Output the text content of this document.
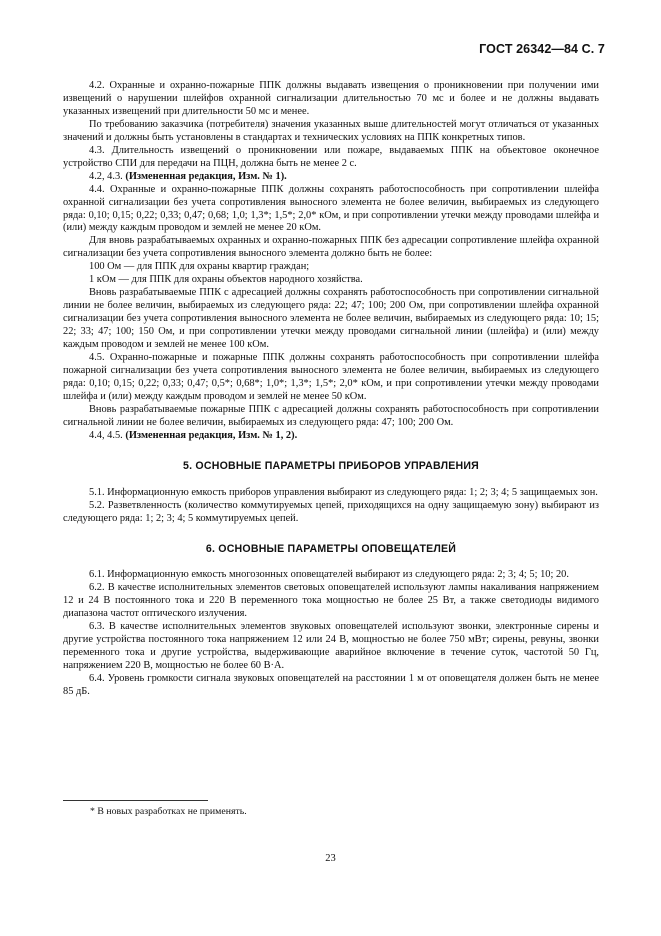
ГОСТ 26342—84 С. 7

4.2. Охранные и охранно-пожарные ППК должны выдавать извещения о проникновении при получении ими извещений о нарушении шлейфов охранной сигнализации длительностью 70 мс и более и не должны выдавать указанных извещений при длительности 50 мс и менее.

По требованию заказчика (потребителя) значения указанных выше длительностей могут отличаться от указанных значений и должны быть установлены в стандартах и технических условиях на ППК конкретных типов.

4.3. Длительность извещений о проникновении или пожаре, выдаваемых ППК на объектовое оконечное устройство СПИ для передачи на ПЦН, должна быть не менее 2 с.

4.2, 4.3. (Измененная редакция, Изм. № 1).

4.4. Охранные и охранно-пожарные ППК должны сохранять работоспособность при сопротивлении шлейфа охранной сигнализации без учета сопротивления выносного элемента не более величин, выбираемых из следующего ряда: 0,10; 0,15; 0,22; 0,33; 0,47; 0,68; 1,0; 1,3*; 1,5*; 2,0* кОм, и при сопротивлении утечки между проводами шлейфа и (или) между каждым проводом и землей не менее 20 кОм.

Для вновь разрабатываемых охранных и охранно-пожарных ППК без адресации сопротивление шлейфа охранной сигнализации без учета сопротивления выносного элемента должно быть не более:

100 Ом — для ППК для охраны квартир граждан;

1 кОм — для ППК для охраны объектов народного хозяйства.

Вновь разрабатываемые ППК с адресацией должны сохранять работоспособность при сопротивлении сигнальной линии не более величин, выбираемых из следующего ряда: 22; 47; 100; 200 Ом, при сопротивлении шлейфа охранной сигнализации без учета сопротивления выносного элемента не более величин, выбираемых из следующего ряда: 10; 15; 22; 33; 47; 100; 150 Ом, и при сопротивлении утечки между проводами сигнальной линии (шлейфа) и (или) между каждым проводом и землей не менее 100 кОм.

4.5. Охранно-пожарные и пожарные ППК должны сохранять работоспособность при сопротивлении шлейфа пожарной сигнализации без учета сопротивления выносного элемента не более величин, выбираемых из следующего ряда: 0,10; 0,15; 0,22; 0,33; 0,47; 0,5*; 0,68*; 1,0*; 1,3*; 1,5*; 2,0* кОм, и при сопротивлении утечки между проводами шлейфа и (или) между каждым проводом и землей не менее 50 кОм.

Вновь разрабатываемые пожарные ППК с адресацией должны сохранять работоспособность при сопротивлении сигнальной линии не более величин, выбираемых из следующего ряда: 47; 100; 200 Ом.

4.4, 4.5. (Измененная редакция, Изм. № 1, 2).

5. ОСНОВНЫЕ ПАРАМЕТРЫ ПРИБОРОВ УПРАВЛЕНИЯ

5.1. Информационную емкость приборов управления выбирают из следующего ряда: 1; 2; 3; 4; 5 защищаемых зон.

5.2. Разветвленность (количество коммутируемых цепей, приходящихся на одну защищаемую зону) выбирают из следующего ряда: 1; 2; 3; 4; 5 коммутируемых цепей.

6. ОСНОВНЫЕ ПАРАМЕТРЫ ОПОВЕЩАТЕЛЕЙ

6.1. Информационную емкость многозонных оповещателей выбирают из следующего ряда: 2; 3; 4; 5; 10; 20.

6.2. В качестве исполнительных элементов световых оповещателей используют лампы накаливания напряжением 12 и 24 В постоянного тока и 220 В переменного тока мощностью не более 25 Вт, а также светодиоды видимого диапазона частот оптического излучения.

6.3. В качестве исполнительных элементов звуковых оповещателей используют звонки, электронные сирены и другие устройства постоянного тока напряжением 12 или 24 В, мощностью не более 750 мВт; сирены, ревуны, звонки переменного тока и другие устройства, выдерживающие аварийное включение в течение суток, частотой 50 Гц, напряжением 220 В, мощностью не более 60 В·А.

6.4. Уровень громкости сигнала звуковых оповещателей на расстоянии 1 м от оповещателя должен быть не менее 85 дБ.

* В новых разработках не применять.
23
